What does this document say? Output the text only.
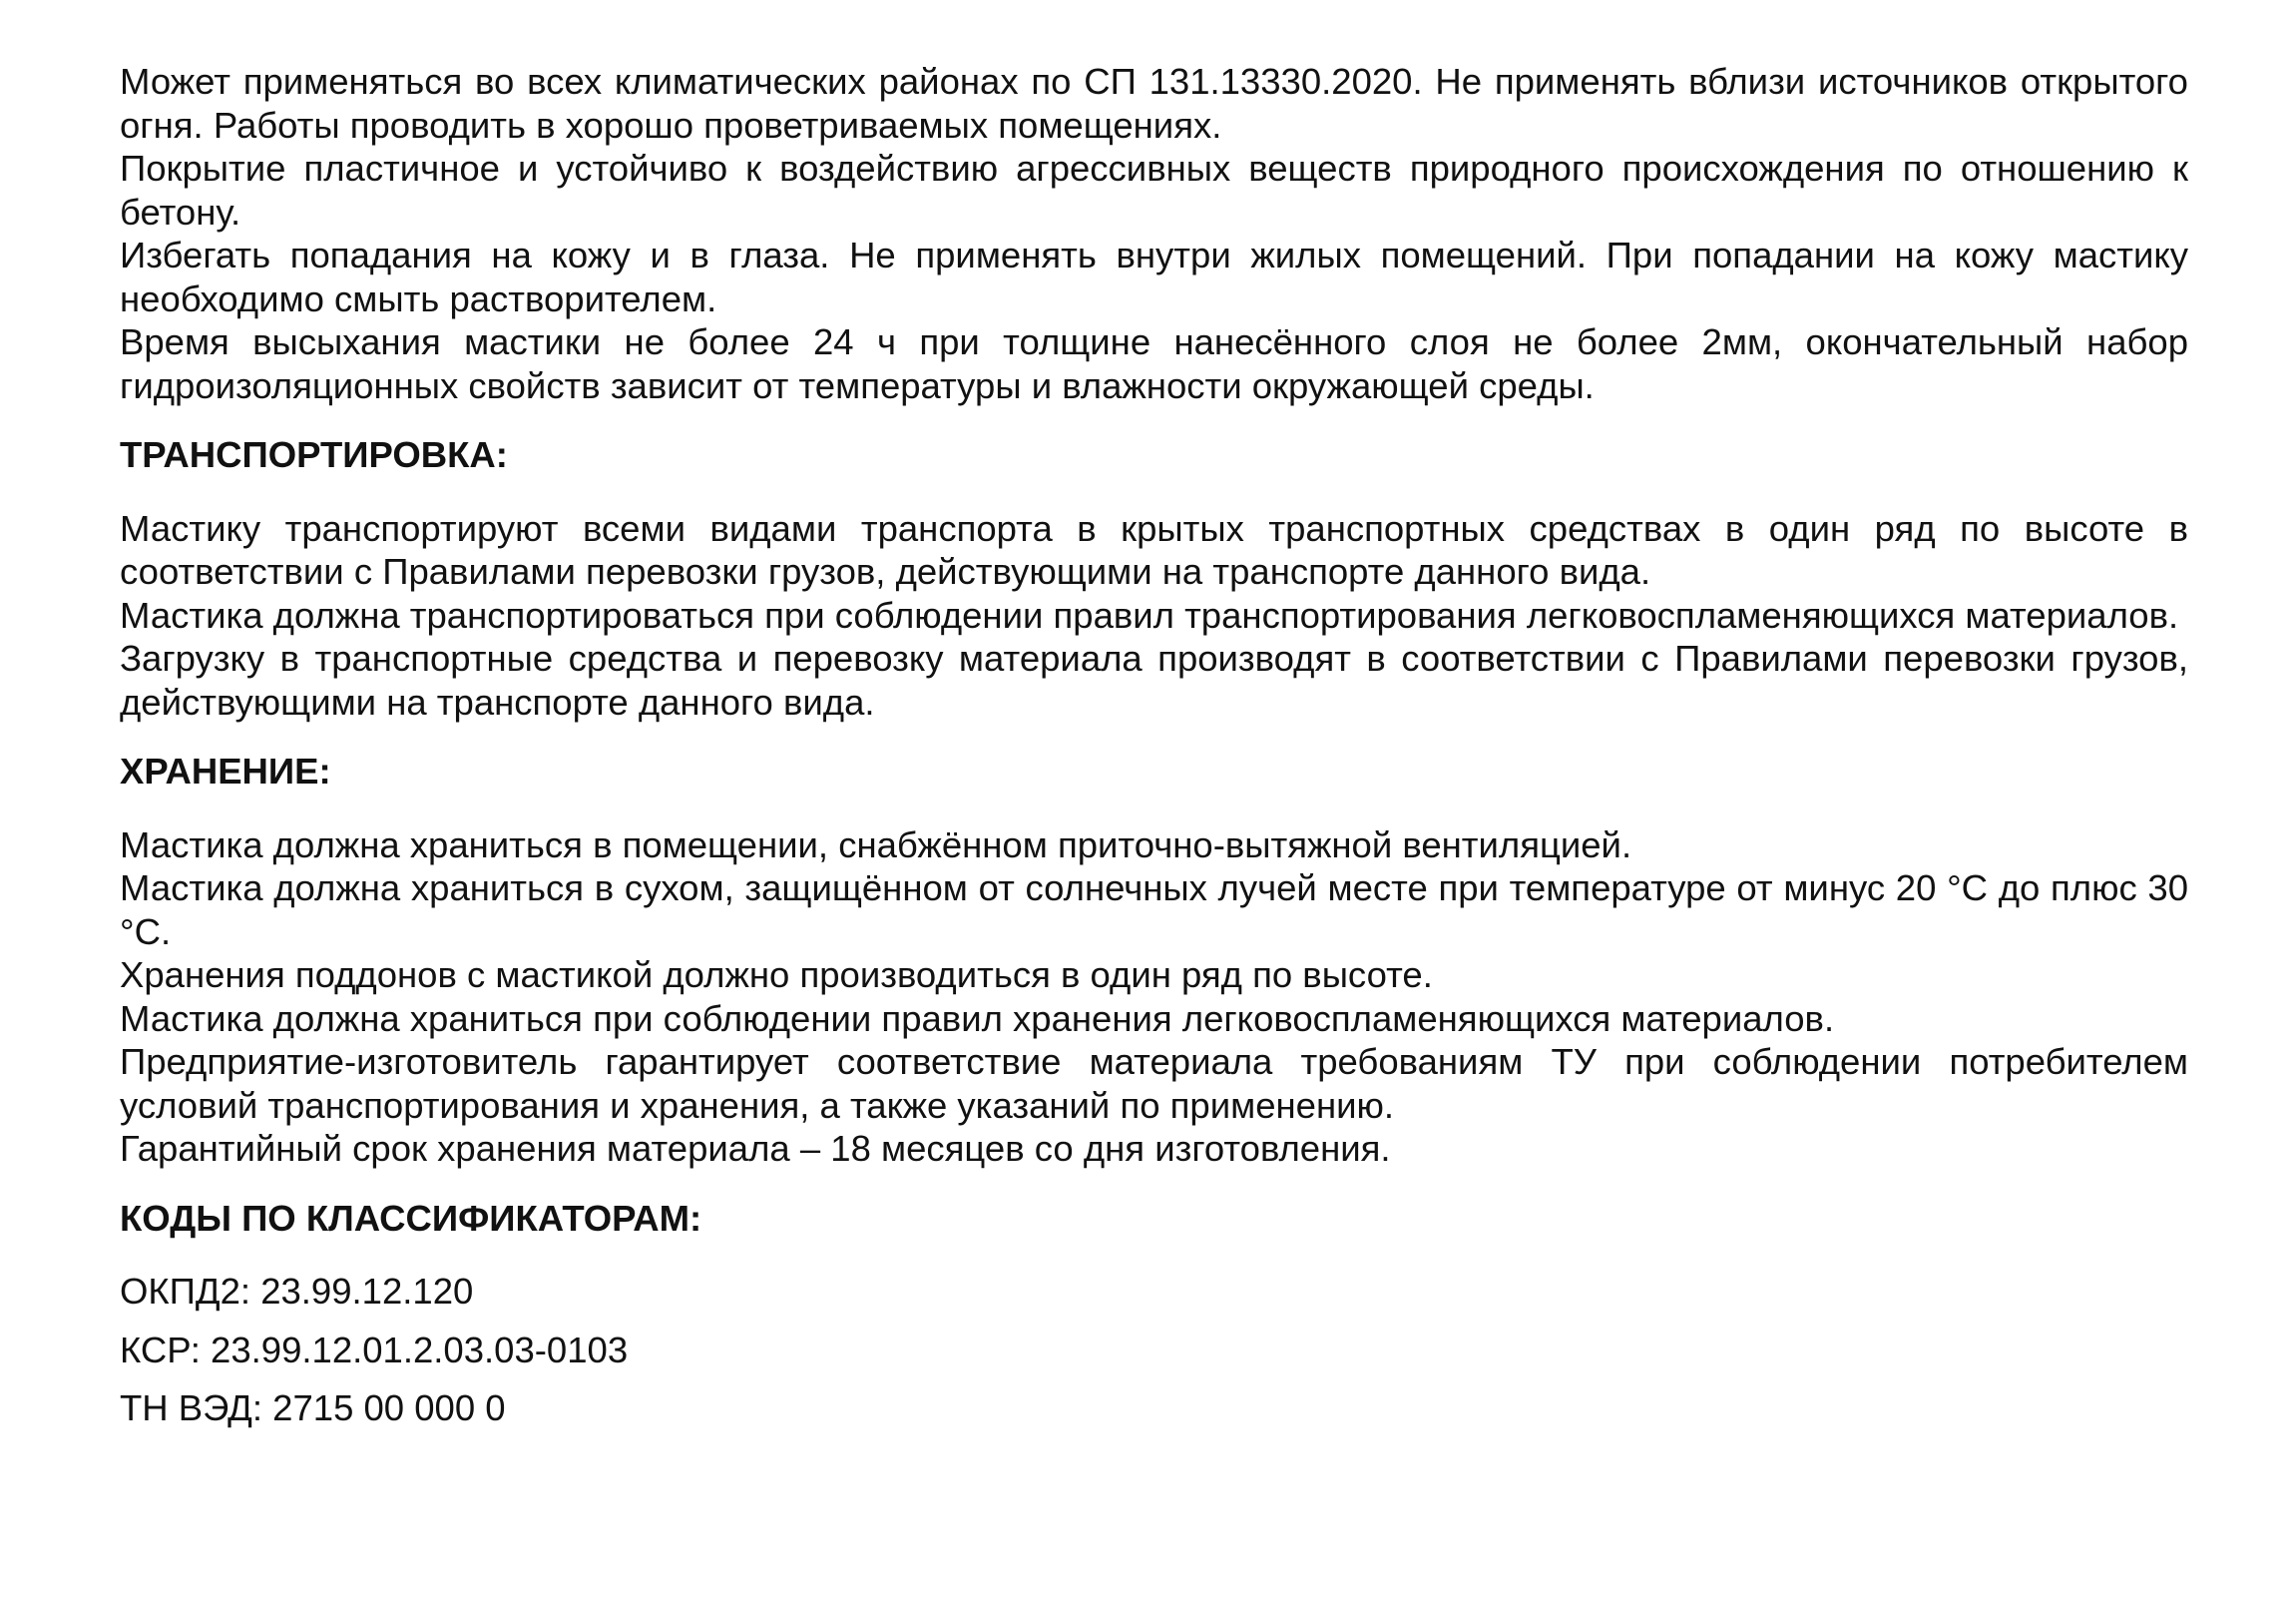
Может применяться во всех климатических районах по СП 131.13330.2020. Не применять вблизи источников открытого огня. Работы проводить в хорошо проветриваемых помещениях.

Покрытие пластичное и устойчиво к воздействию агрессивных веществ природного происхождения по отношению к бетону.

Избегать попадания на кожу и в глаза. Не применять внутри жилых помещений. При попадании на кожу мастику необходимо смыть растворителем.

Время высыхания мастики не более 24 ч при толщине нанесённого слоя не более 2мм, окончательный набор гидроизоляционных свойств зависит от температуры и влажности окружающей среды.

ТРАНСПОРТИРОВКА:

Мастику транспортируют всеми видами транспорта в крытых транспортных средствах в один ряд по высоте в соответствии с Правилами перевозки грузов, действующими на транспорте данного вида.

Мастика должна транспортироваться при соблюдении правил транспортирования легковоспламеняющихся материалов.

Загрузку в транспортные средства и перевозку материала производят в соответствии с Правилами перевозки грузов, действующими на транспорте данного вида.

ХРАНЕНИЕ:

Мастика должна храниться в помещении, снабжённом приточно-вытяжной вентиляцией.

Мастика должна храниться в сухом, защищённом от солнечных лучей месте при температуре от минус 20 °С до плюс 30 °С.

Хранения поддонов с мастикой должно производиться в один ряд по высоте.

Мастика должна храниться при соблюдении правил хранения легковоспламеняющихся материалов.

Предприятие-изготовитель гарантирует соответствие материала требованиям ТУ при соблюдении потребителем условий транспортирования и хранения, а также указаний по применению.

Гарантийный срок хранения материала – 18 месяцев со дня изготовления.

КОДЫ ПО КЛАССИФИКАТОРАМ:

ОКПД2: 23.99.12.120

КСР: 23.99.12.01.2.03.03-0103

ТН ВЭД: 2715 00 000 0
